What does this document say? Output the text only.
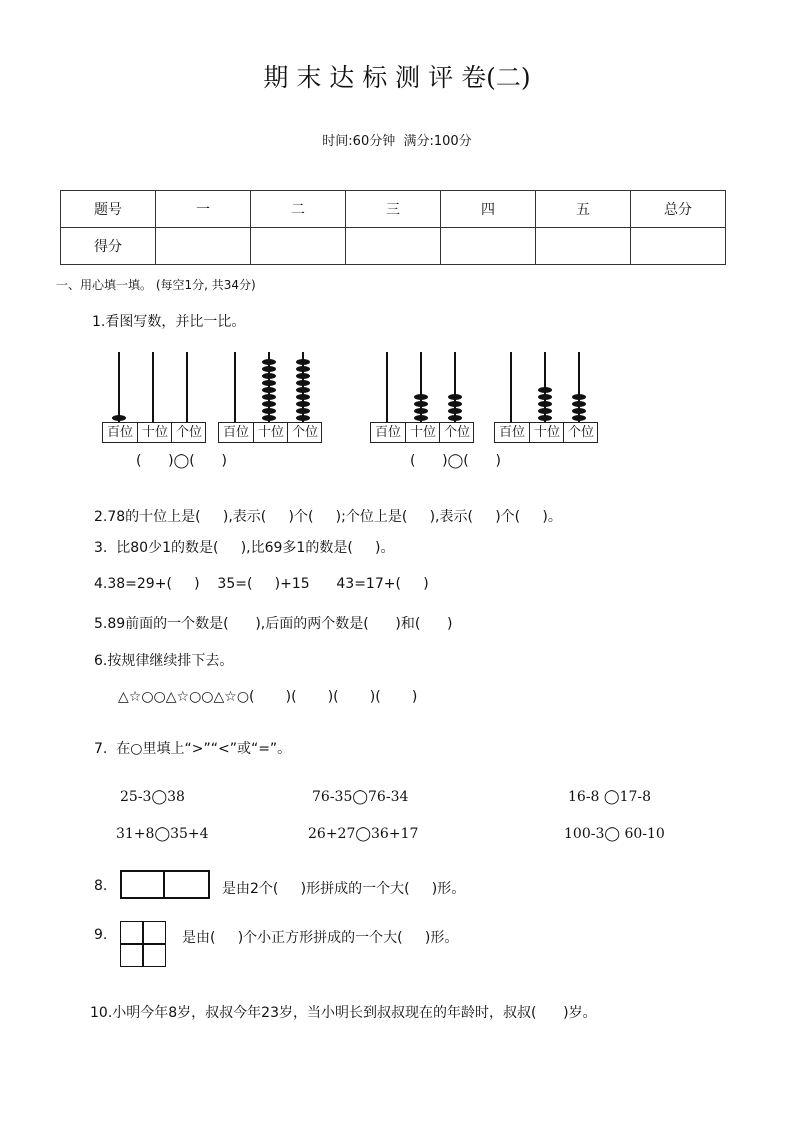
期 末 达 标 测 评 卷(二)
时间:60分钟  满分:100分
题号	一	二	三	四	五	总分
得分						
一、用心填一填。 (每空1分, 共34分)
1.看图写数，并比一比。
百位 十位 个位	百位 十位 个位	百位 十位 个位	百位 十位 个位
(      )◯(      )	(      )◯(      )
2.78的十位上是(     ),表示(     )个(     );个位上是(     ),表示(     )个(     )。
3.  比80少1的数是(     ),比69多1的数是(     )。
4.38=29+(     )    35=(     )+15      43=17+(     )
5.89前面的一个数是(      ),后面的两个数是(      )和(      )
6.按规律继续排下去。
△☆○○△☆○○△☆○(       )(       )(       )(       )
7.  在○里填上“>”“<”或“=”。
25-3◯38	76-35◯76-34	16-8 ◯17-8
31+8◯35+4	26+27◯36+17	100-3◯ 60-10
8.	是由2个(     )形拼成的一个大(     )形。
9.	是由(     )个小正方形拼成的一个大(     )形。
10.小明今年8岁，叔叔今年23岁，当小明长到叔叔现在的年龄时，叔叔(      )岁。
